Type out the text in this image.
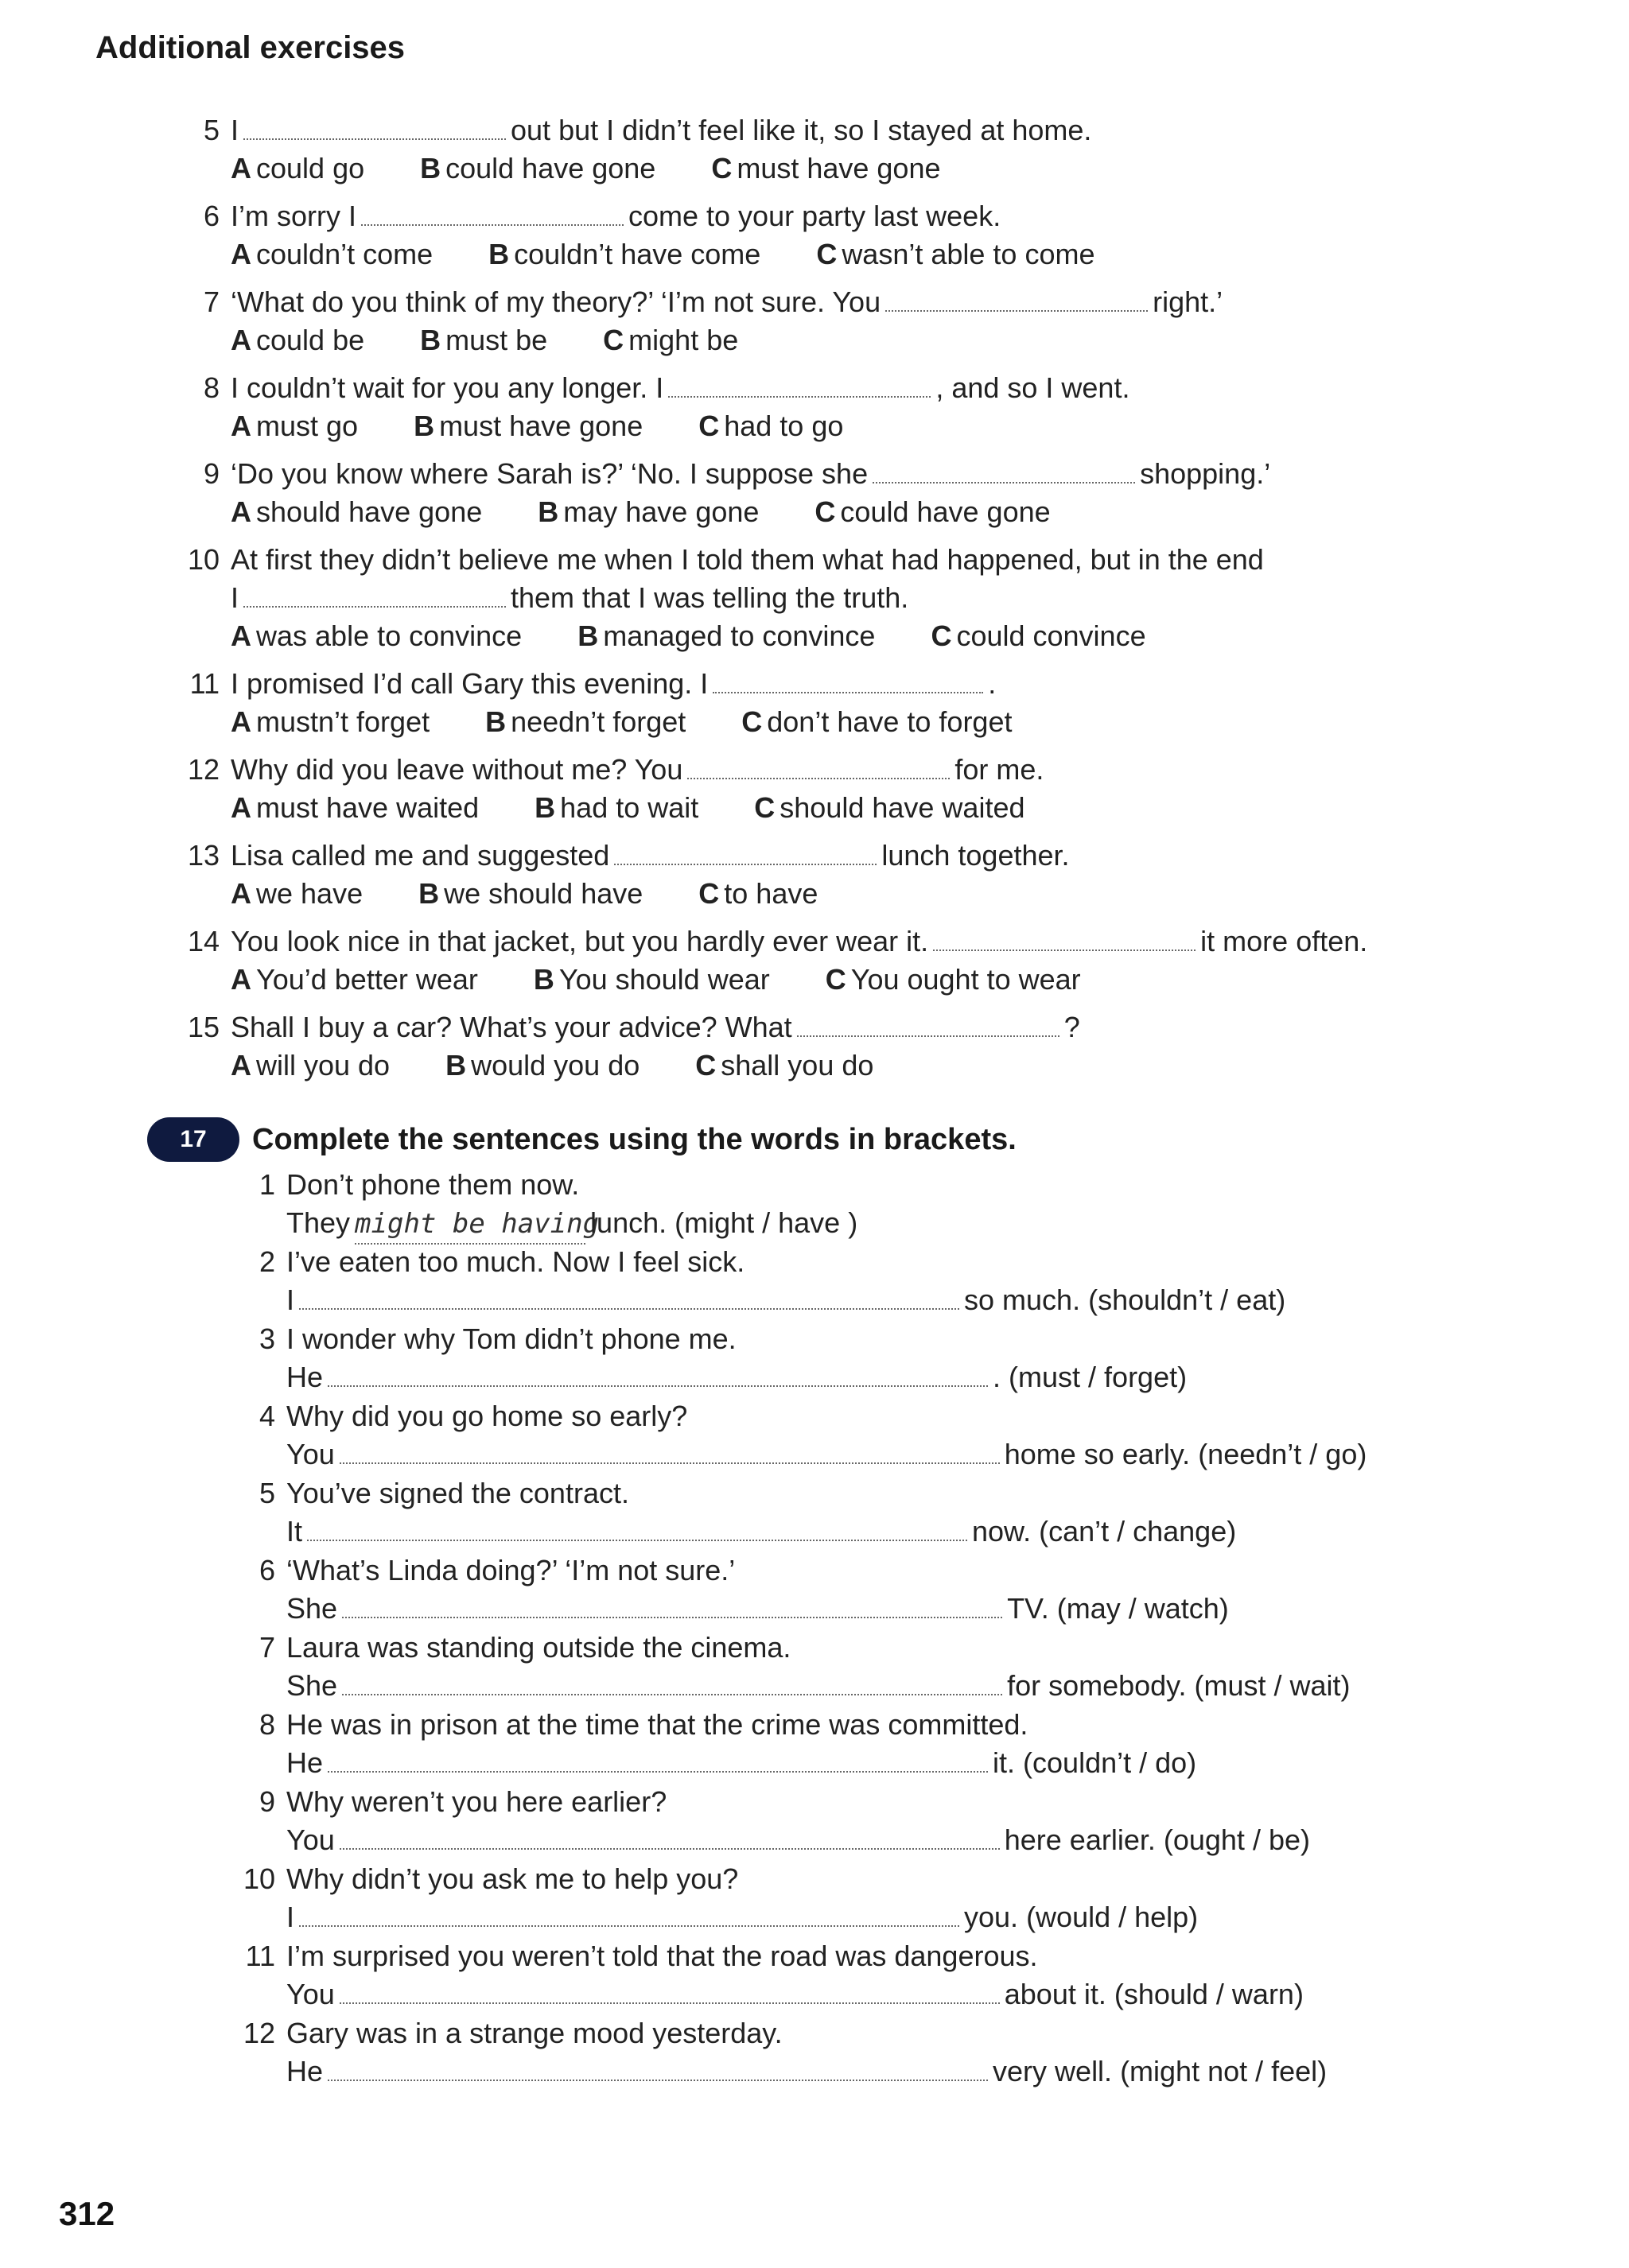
Additional exercises
5 I	out but I didn’t feel like it, so I stayed at home.
A could go B could have gone C must have gone
6 I’m sorry I	come to your party last week.
A couldn’t come B couldn’t have come C wasn’t able to come
7 ‘What do you think of my theory?’ ‘I’m not sure. You	right.’
A could be B must be C might be
8 I couldn’t wait for you any longer. I	, and so I went.
A must go B must have gone C had to go
9 ‘Do you know where Sarah is?’ ‘No. I suppose she	shopping.’
A should have gone B may have gone C could have gone
10 At first they didn’t believe me when I told them what had happened, but in the end
I	them that I was telling the truth.
A was able to convince B managed to convince C could convince
11 I promised I’d call Gary this evening. I	.
A mustn’t forget B needn’t forget C don’t have to forget
12 Why did you leave without me? You	for me.
A must have waited B had to wait C should have waited
13 Lisa called me and suggested	lunch together.
A we have B we should have C to have
14 You look nice in that jacket, but you hardly ever wear it.	it more often.
A You’d better wear B You should wear C You ought to wear
15 Shall I buy a car? What’s your advice? What	?
A will you do B would you do C shall you do
17	Complete the sentences using the words in brackets.
1 Don’t phone them now.
They might be havinglunch. (might / have )
2 I’ve eaten too much. Now I feel sick.
I	so much. (shouldn’t / eat)
3 I wonder why Tom didn’t phone me.
He	. (must / forget)
4 Why did you go home so early?
You	home so early. (needn’t / go)
5 You’ve signed the contract.
It	now. (can’t / change)
6 ‘What’s Linda doing?’ ‘I’m not sure.’
She	TV. (may / watch)
7 Laura was standing outside the cinema.
She	for somebody. (must / wait)
8 He was in prison at the time that the crime was committed.
He	it. (couldn’t / do)
9 Why weren’t you here earlier?
You	here earlier. (ought / be)
10 Why didn’t you ask me to help you?
I	you. (would / help)
11 I’m surprised you weren’t told that the road was dangerous.
You	about it. (should / warn)
12 Gary was in a strange mood yesterday.
He	very well. (might not / feel)
312
